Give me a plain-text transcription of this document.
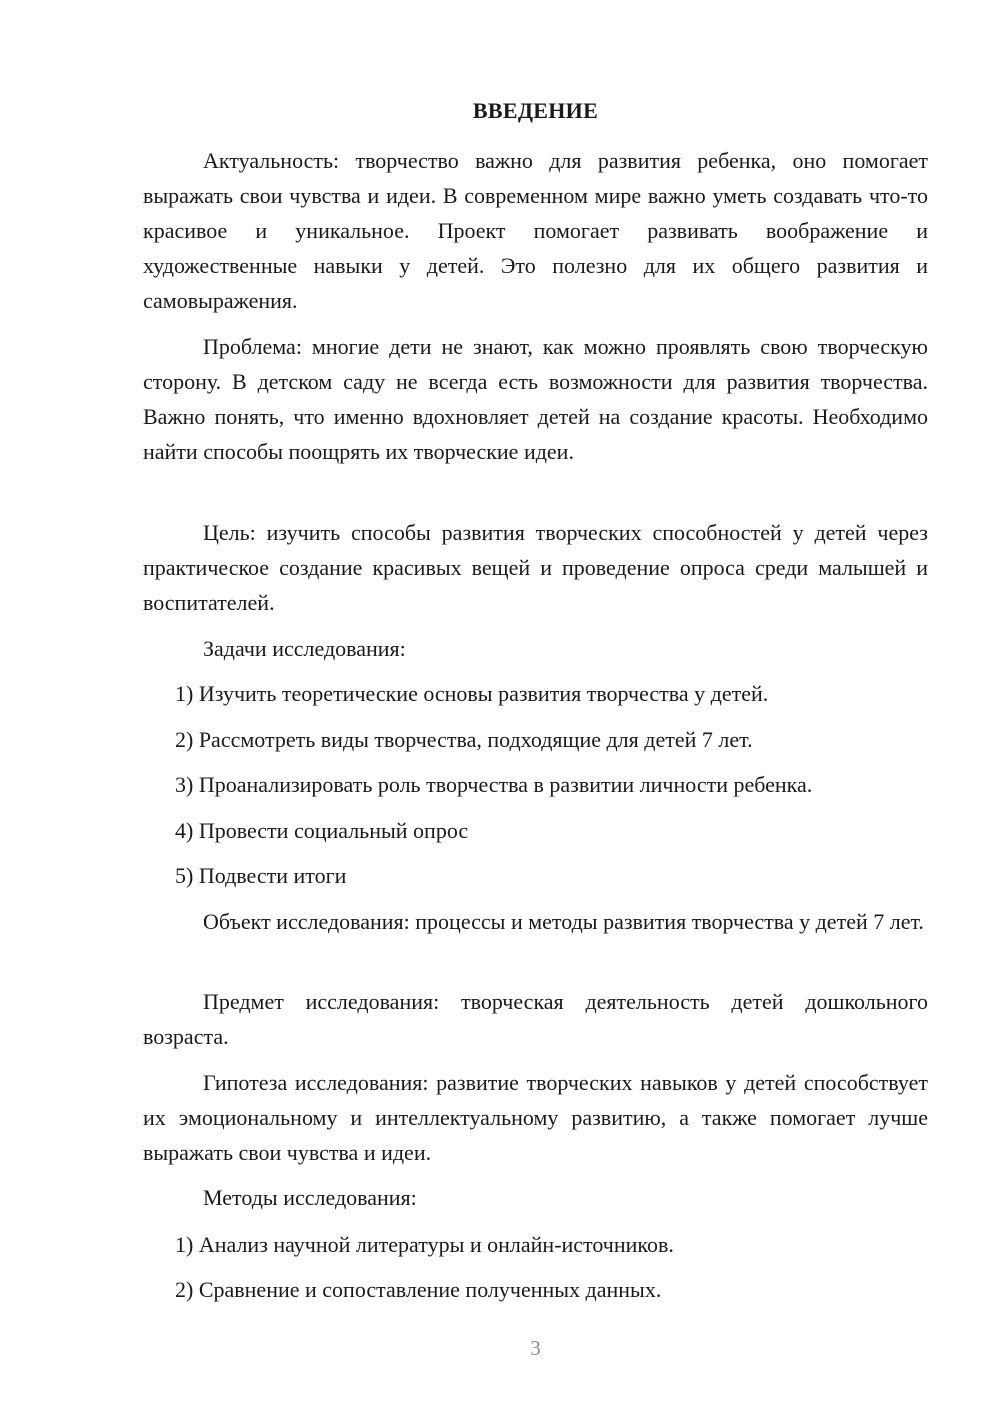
ВВЕДЕНИЕ

Актуальность: творчество важно для развития ребенка, оно помогает выражать свои чувства и идеи. В современном мире важно уметь создавать что-то красивое и уникальное. Проект помогает развивать воображение и художественные навыки у детей. Это полезно для их общего развития и самовыражения.

Проблема: многие дети не знают, как можно проявлять свою творческую сторону. В детском саду не всегда есть возможности для развития творчества. Важно понять, что именно вдохновляет детей на создание красоты. Необходимо найти способы поощрять их творческие идеи.

Цель: изучить способы развития творческих способностей у детей через практическое создание красивых вещей и проведение опроса среди малышей и воспитателей.

Задачи исследования:

1) Изучить теоретические основы развития творчества у детей.

2) Рассмотреть виды творчества, подходящие для детей 7 лет.

3) Проанализировать роль творчества в развитии личности ребенка.

4) Провести социальный опрос

5) Подвести итоги

Объект исследования: процессы и методы развития творчества у детей 7 лет.

Предмет исследования: творческая деятельность детей дошкольного возраста.

Гипотеза исследования: развитие творческих навыков у детей способствует их эмоциональному и интеллектуальному развитию, а также помогает лучше выражать свои чувства и идеи.

Методы исследования:

1) Анализ научной литературы и онлайн-источников.

2) Сравнение и сопоставление полученных данных.

3
